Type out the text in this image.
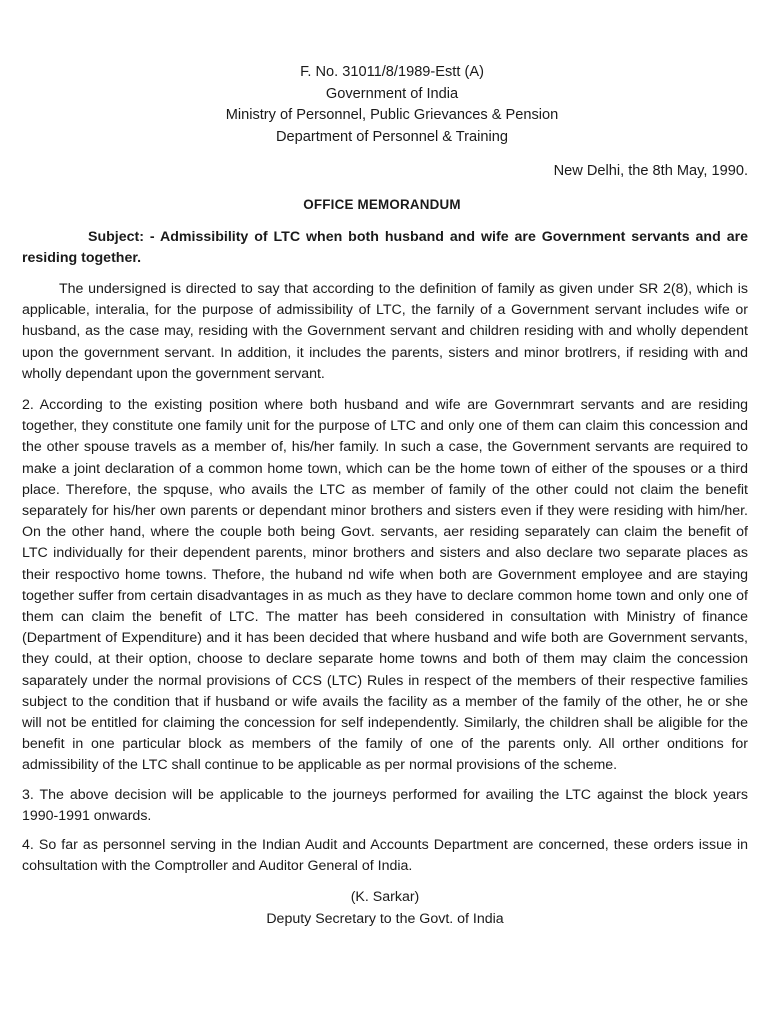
F. No. 31011/8/1989-Estt (A)
Government of India
Ministry of Personnel, Public Grievances & Pension
Department of Personnel & Training
New Delhi, the 8th May, 1990.
OFFICE MEMORANDUM
Subject: - Admissibility of LTC when both husband and wife are Government servants and are residing together.

The undersigned is directed to say that according to the definition of family as given under SR 2(8), which is applicable, interalia, for the purpose of admissibility of LTC, the farnily of a Government servant includes wife or husband, as the case may, residing with the Government servant and children residing with and wholly dependent upon the government servant. In addition, it includes the parents, sisters and minor brotlrers, if residing with and wholly dependant upon the government servant.

2. According to the existing position where both husband and wife are Governmrart servants and are residing together, they constitute one family unit for the purpose of LTC and only one of them can claim this concession and the other spouse travels as a member of, his/her family. In such a case, the Government servants are required to make a joint declaration of a common home town, which can be the home town of either of the spouses or a third place. Therefore, the spquse, who avails the LTC as member of family of the other could not claim the benefit separately for his/her own parents or dependant minor brothers and sisters even if they were residing with him/her. On the other hand, where the couple both being Govt. servants, aer residing separately can claim the benefit of LTC individually for their dependent parents, minor brothers and sisters and also declare two separate places as their respoctivo home towns. Thefore, the huband nd wife when both are Government employee and are staying together suffer from certain disadvantages in as much as they have to declare common home town and only one of them can claim the benefit of LTC. The matter has beeh considered in consultation with Ministry of finance (Department of Expenditure) and it has been decided that where husband and wife both are Government servants, they could, at their option, choose to declare separate home towns and both of them may claim the concession saparately under the normal provisions of CCS (LTC) Rules in respect of the members of their respective families subject to the condition that if husband or wife avails the facility as a member of the family of the other, he or she will not be entitled for claiming the concession for self independently. Similarly, the children shall be aligible for the benefit in one particular block as members of the family of one of the parents only. All orther onditions for admissibility of the LTC shall continue to be applicable as per normal provisions of the scheme.

3. The above decision will be applicable to the journeys performed for availing the LTC against the block years 1990-1991 onwards.

4. So far as personnel serving in the Indian Audit and Accounts Department are concerned, these orders issue in cohsultation with the Comptroller and Auditor General of India.

(K. Sarkar)
Deputy Secretary to the Govt. of India
